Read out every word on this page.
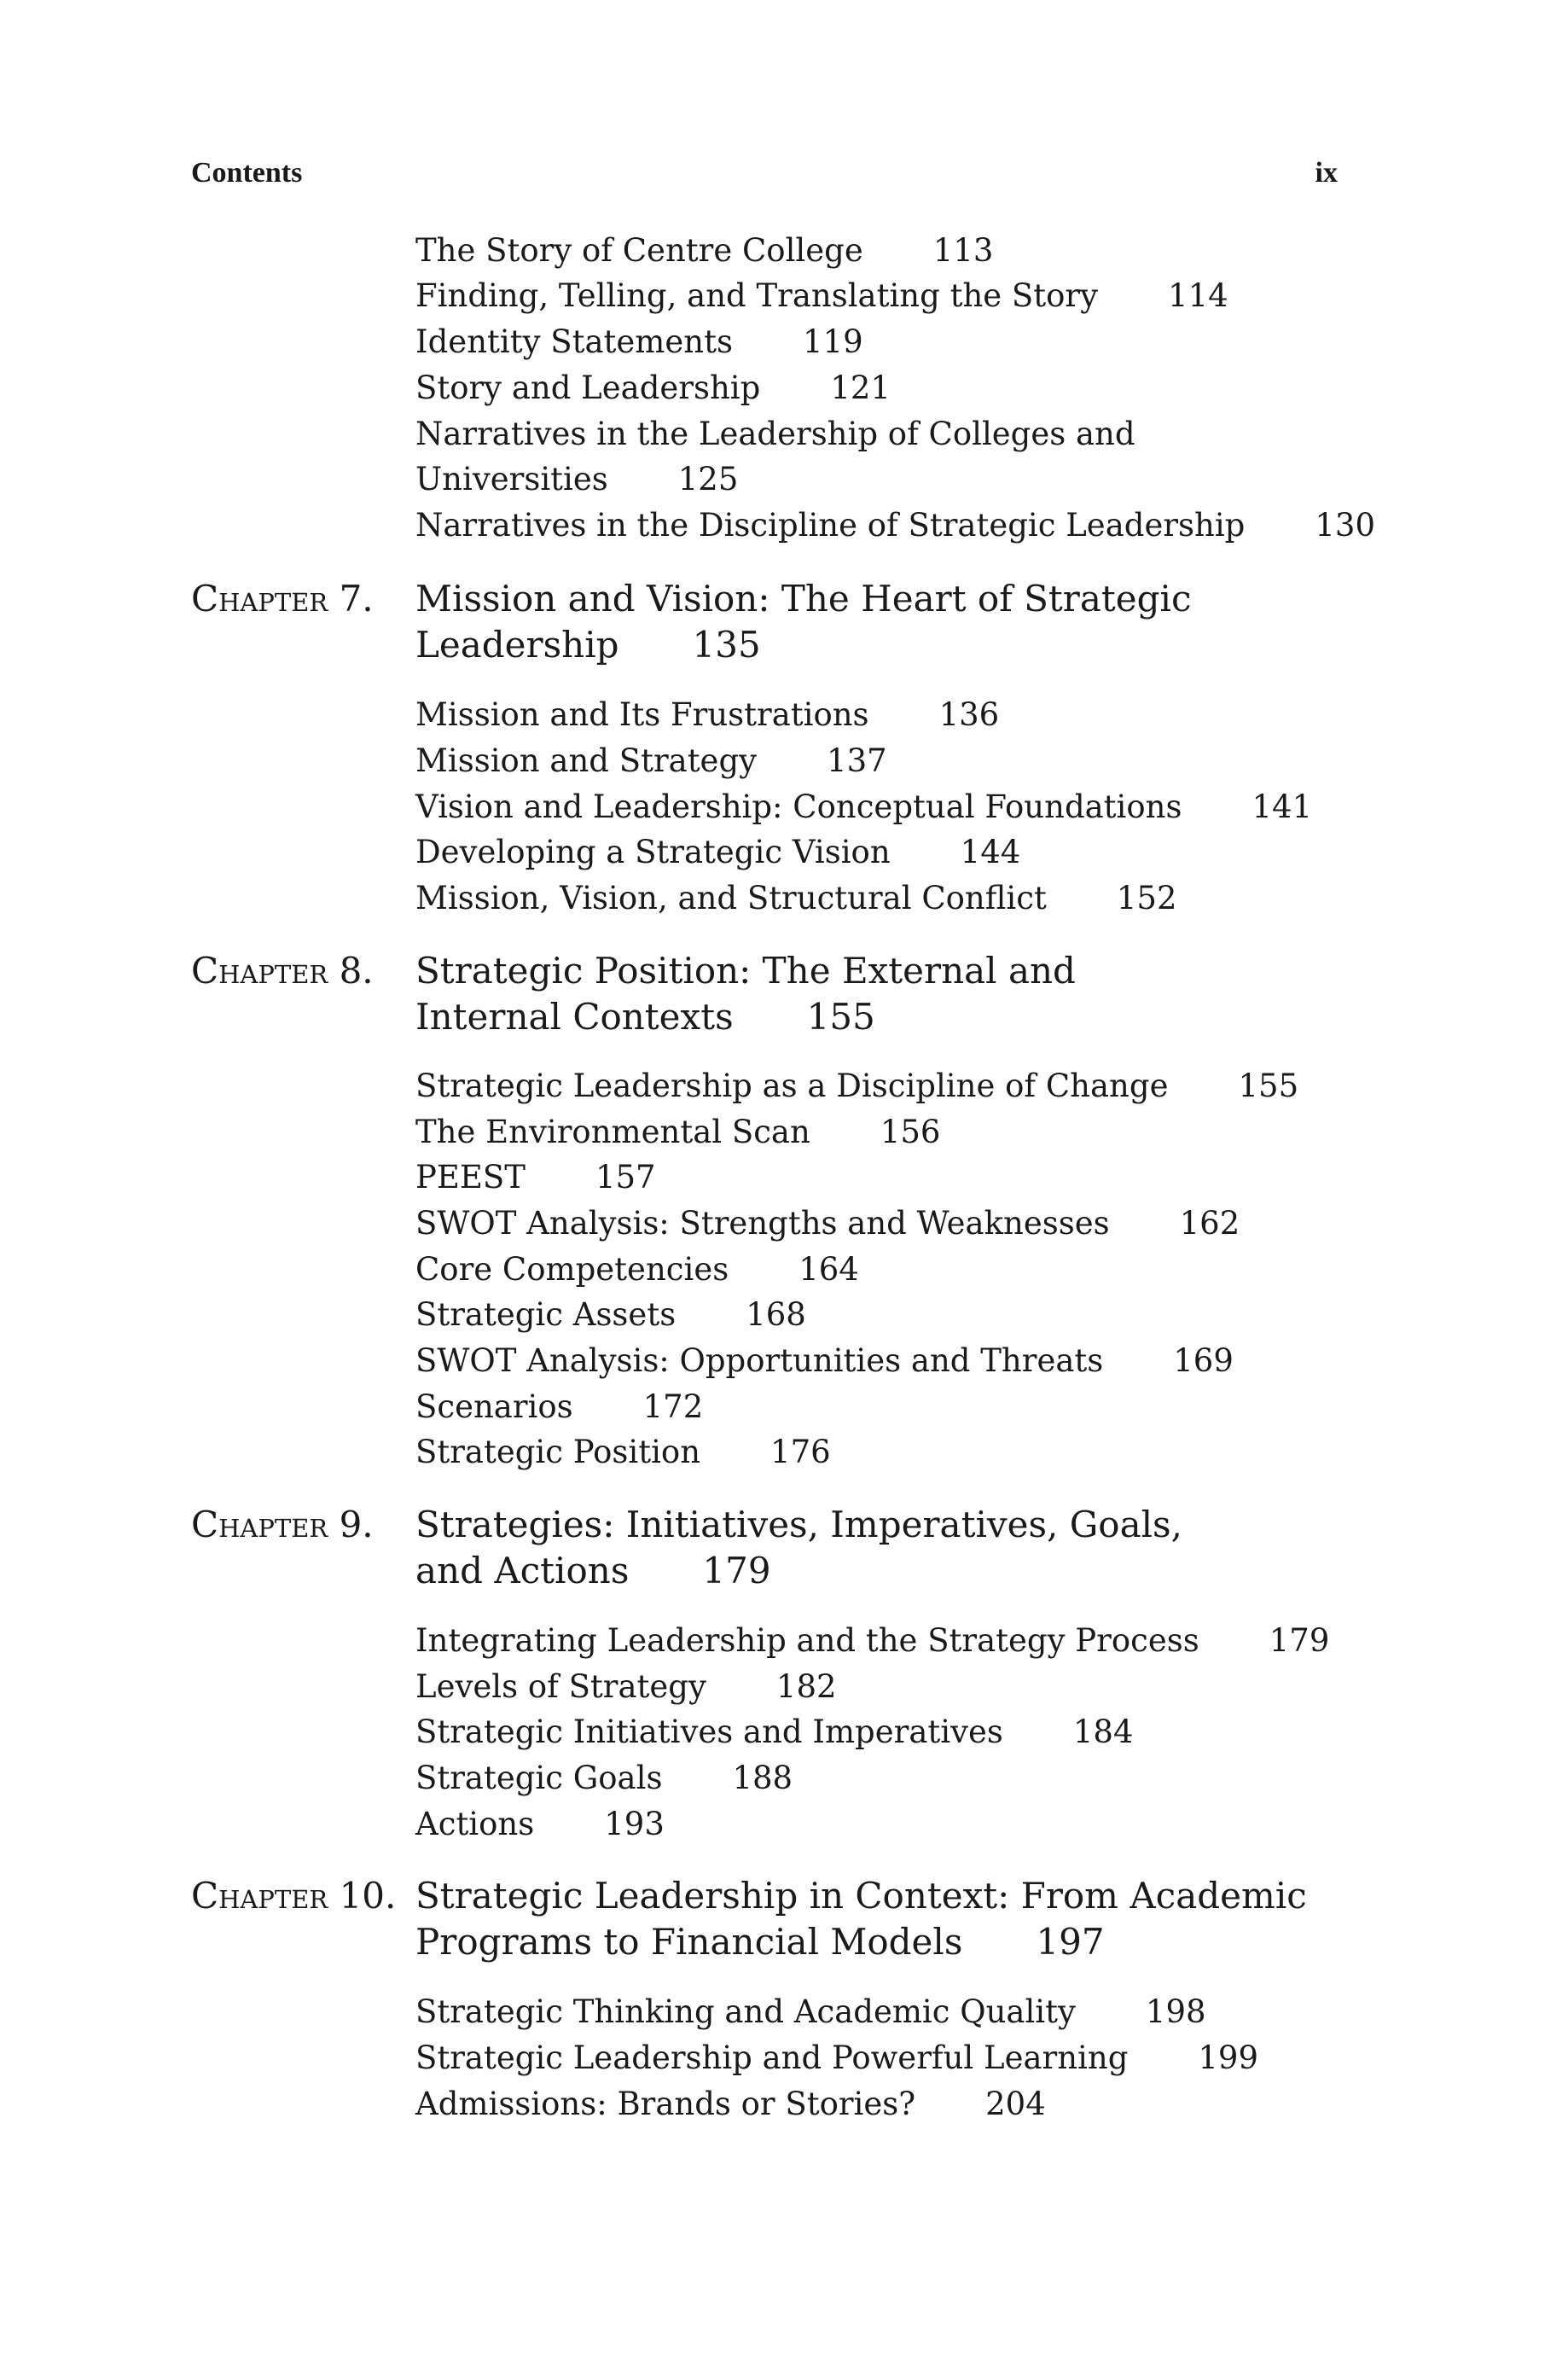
Contents	ix
The Story of Centre College 113
Finding, Telling, and Translating the Story 114
Identity Statements 119
Story and Leadership 121
Narratives in the Leadership of Colleges and
Universities 125
Narratives in the Discipline of Strategic Leadership 130
Chapter 7. Mission and Vision: The Heart of Strategic
Leadership 135
Mission and Its Frustrations 136
Mission and Strategy 137
Vision and Leadership: Conceptual Foundations 141
Developing a Strategic Vision 144
Mission, Vision, and Structural Conflict 152
Chapter 8. Strategic Position: The External and
Internal Contexts 155
Strategic Leadership as a Discipline of Change 155
The Environmental Scan 156
PEEST 157
SWOT Analysis: Strengths and Weaknesses 162
Core Competencies 164
Strategic Assets 168
SWOT Analysis: Opportunities and Threats 169
Scenarios 172
Strategic Position 176
Chapter 9. Strategies: Initiatives, Imperatives, Goals,
and Actions 179
Integrating Leadership and the Strategy Process 179
Levels of Strategy 182
Strategic Initiatives and Imperatives 184
Strategic Goals 188
Actions 193
Chapter 10. Strategic Leadership in Context: From Academic
Programs to Financial Models 197
Strategic Thinking and Academic Quality 198
Strategic Leadership and Powerful Learning 199
Admissions: Brands or Stories? 204
